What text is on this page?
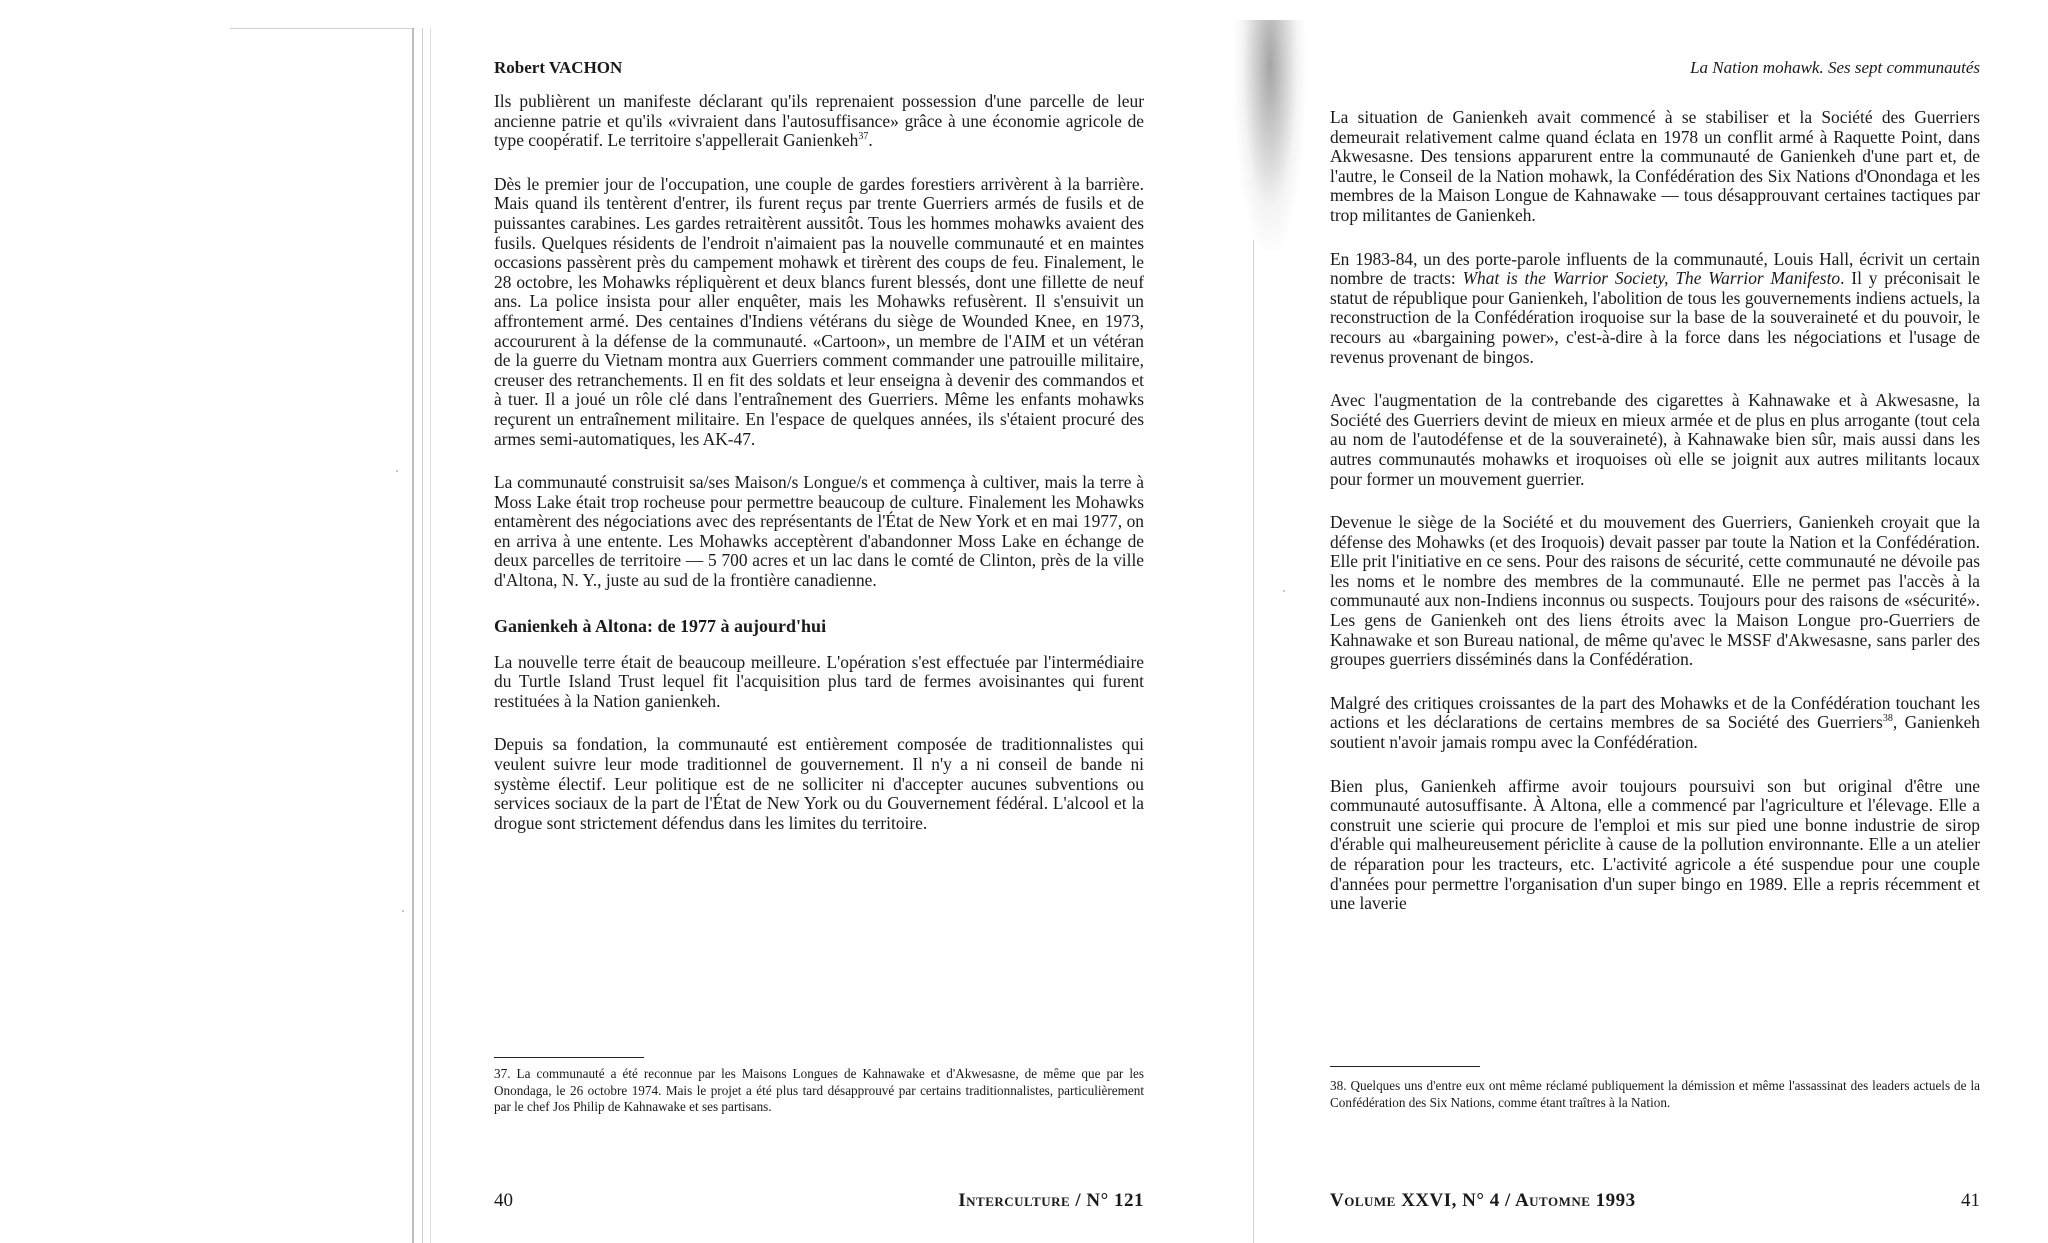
Robert VACHON

Ils publièrent un manifeste déclarant qu'ils reprenaient possession d'une parcelle de leur ancienne patrie et qu'ils «vivraient dans l'autosuffisance» grâce à une économie agricole de type coopératif. Le territoire s'appellerait Ganienkeh$^{37}$.

Dès le premier jour de l'occupation, une couple de gardes forestiers arrivèrent à la barrière. Mais quand ils tentèrent d'entrer, ils furent reçus par trente Guerriers armés de fusils et de puissantes carabines. Les gardes retraitèrent aussitôt. Tous les hommes mohawks avaient des fusils. Quelques résidents de l'endroit n'aimaient pas la nouvelle communauté et en maintes occasions passèrent près du campement mohawk et tirèrent des coups de feu. Finalement, le 28 octobre, les Mohawks répliquèrent et deux blancs furent blessés, dont une fillette de neuf ans. La police insista pour aller enquêter, mais les Mohawks refusèrent. Il s'ensuivit un affrontement armé. Des centaines d'Indiens vétérans du siège de Wounded Knee, en 1973, accoururent à la défense de la communauté. «Cartoon», un membre de l'AIM et un vétéran de la guerre du Vietnam montra aux Guerriers comment commander une patrouille militaire, creuser des retranchements. Il en fit des soldats et leur enseigna à devenir des commandos et à tuer. Il a joué un rôle clé dans l'entraînement des Guerriers. Même les enfants mohawks reçurent un entraînement militaire. En l'espace de quelques années, ils s'étaient procuré des armes semi-automatiques, les AK-47.

La communauté construisit sa/ses Maison/s Longue/s et commença à cultiver, mais la terre à Moss Lake était trop rocheuse pour permettre beaucoup de culture. Finalement les Mohawks entamèrent des négociations avec des représentants de l'État de New York et en mai 1977, on en arriva à une entente. Les Mohawks acceptèrent d'abandonner Moss Lake en échange de deux parcelles de territoire — 5 700 acres et un lac dans le comté de Clinton, près de la ville d'Altona, N. Y., juste au sud de la frontière canadienne.

Ganienkeh à Altona: de 1977 à aujourd'hui

La nouvelle terre était de beaucoup meilleure. L'opération s'est effectuée par l'intermédiaire du Turtle Island Trust lequel fit l'acquisition plus tard de fermes avoisinantes qui furent restituées à la Nation ganienkeh.

Depuis sa fondation, la communauté est entièrement composée de traditionnalistes qui veulent suivre leur mode traditionnel de gouvernement. Il n'y a ni conseil de bande ni système électif. Leur politique est de ne solliciter ni d'accepter aucunes subventions ou services sociaux de la part de l'État de New York ou du Gouvernement fédéral. L'alcool et la drogue sont strictement défendus dans les limites du territoire.

37. La communauté a été reconnue par les Maisons Longues de Kahnawake et d'Akwesasne, de même que par les Onondaga, le 26 octobre 1974. Mais le projet a été plus tard désapprouvé par certains traditionnalistes, particulièrement par le chef Jos Philip de Kahnawake et ses partisans.

40	Interculture / N° 121
La Nation mohawk. Ses sept communautés

La situation de Ganienkeh avait commencé à se stabiliser et la Société des Guerriers demeurait relativement calme quand éclata en 1978 un conflit armé à Raquette Point, dans Akwesasne. Des tensions apparurent entre la communauté de Ganienkeh d'une part et, de l'autre, le Conseil de la Nation mohawk, la Confédération des Six Nations d'Onondaga et les membres de la Maison Longue de Kahnawake — tous désapprouvant certaines tactiques par trop militantes de Ganienkeh.

En 1983-84, un des porte-parole influents de la communauté, Louis Hall, écrivit un certain nombre de tracts: What is the Warrior Society, The Warrior Manifesto. Il y préconisait le statut de république pour Ganienkeh, l'abolition de tous les gouvernements indiens actuels, la reconstruction de la Confédération iroquoise sur la base de la souveraineté et du pouvoir, le recours au «bargaining power», c'est-à-dire à la force dans les négociations et l'usage de revenus provenant de bingos.

Avec l'augmentation de la contrebande des cigarettes à Kahnawake et à Akwesasne, la Société des Guerriers devint de mieux en mieux armée et de plus en plus arrogante (tout cela au nom de l'autodéfense et de la souveraineté), à Kahnawake bien sûr, mais aussi dans les autres communautés mohawks et iroquoises où elle se joignit aux autres militants locaux pour former un mouvement guerrier.

Devenue le siège de la Société et du mouvement des Guerriers, Ganienkeh croyait que la défense des Mohawks (et des Iroquois) devait passer par toute la Nation et la Confédération. Elle prit l'initiative en ce sens. Pour des raisons de sécurité, cette communauté ne dévoile pas les noms et le nombre des membres de la communauté. Elle ne permet pas l'accès à la communauté aux non-Indiens inconnus ou suspects. Toujours pour des raisons de «sécurité». Les gens de Ganienkeh ont des liens étroits avec la Maison Longue pro-Guerriers de Kahnawake et son Bureau national, de même qu'avec le MSSF d'Akwesasne, sans parler des groupes guerriers disséminés dans la Confédération.

Malgré des critiques croissantes de la part des Mohawks et de la Confédération touchant les actions et les déclarations de certains membres de sa Société des Guerriers$^{38}$, Ganienkeh soutient n'avoir jamais rompu avec la Confédération.

Bien plus, Ganienkeh affirme avoir toujours poursuivi son but original d'être une communauté autosuffisante. À Altona, elle a commencé par l'agriculture et l'élevage. Elle a construit une scierie qui procure de l'emploi et mis sur pied une bonne industrie de sirop d'érable qui malheureusement périclite à cause de la pollution environnante. Elle a un atelier de réparation pour les tracteurs, etc. L'activité agricole a été suspendue pour une couple d'années pour permettre l'organisation d'un super bingo en 1989. Elle a repris récemment et une laverie

38. Quelques uns d'entre eux ont même réclamé publiquement la démission et même l'assassinat des leaders actuels de la Confédération des Six Nations, comme étant traîtres à la Nation.

Volume XXVI, N° 4 / Automne 1993	41
